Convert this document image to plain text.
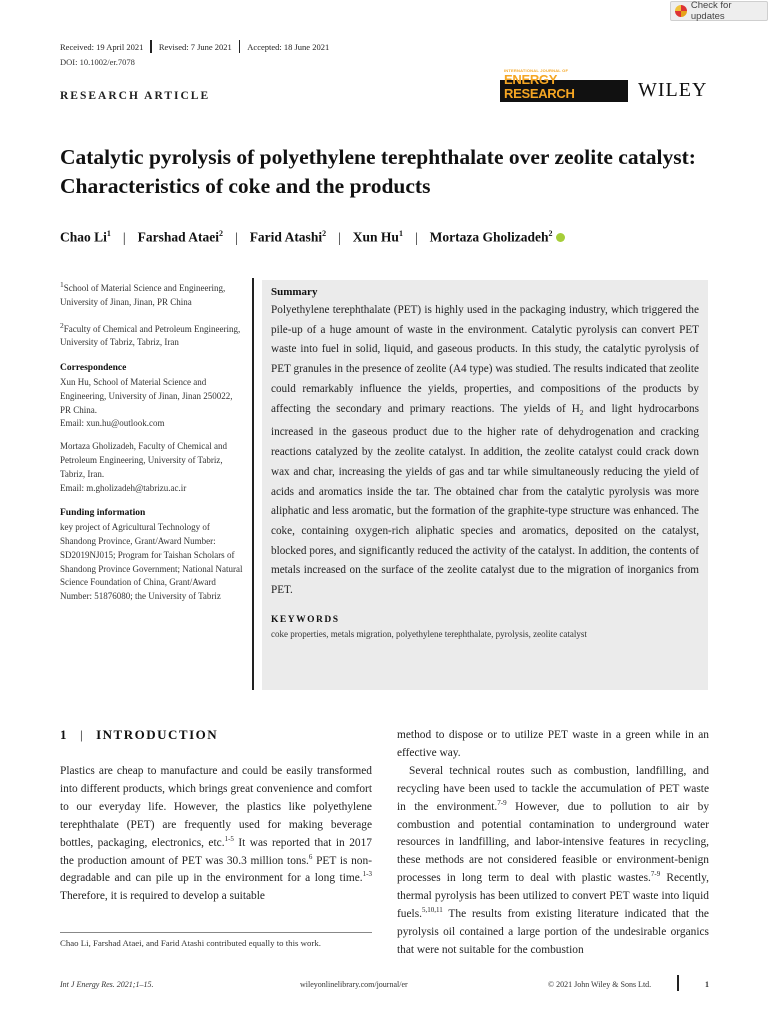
Check for updates
Received: 19 April 2021 Revised: 7 June 2021 Accepted: 18 June 2021
DOI: 10.1002/er.7078
RESEARCH ARTICLE
INTERNATIONAL JOURNAL OF
ENERGY RESEARCH	WILEY
Catalytic pyrolysis of polyethylene terephthalate over zeolite catalyst: Characteristics of coke and the products
Chao Li$^1$ | Farshad Ataei$^2$ | Farid Atashi$^2$ | Xun Hu$^1$ | Mortaza Gholizadeh$^2$

$^1$School of Material Science and Engineering, University of Jinan, Jinan, PR China

$^2$Faculty of Chemical and Petroleum Engineering, University of Tabriz, Tabriz, Iran

Correspondence

Xun Hu, School of Material Science and Engineering, University of Jinan, Jinan 250022, PR China.

Email: xun.hu@outlook.com

Mortaza Gholizadeh, Faculty of Chemical and Petroleum Engineering, University of Tabriz, Tabriz, Iran.

Email: m.gholizadeh@tabrizu.ac.ir

Funding information

key project of Agricultural Technology of Shandong Province, Grant/Award Number: SD2019NJ015; Program for Taishan Scholars of Shandong Province Government; National Natural Science Foundation of China, Grant/Award Number: 51876080; the University of Tabriz

Summary

Polyethylene terephthalate (PET) is highly used in the packaging industry, which triggered the pile-up of a huge amount of waste in the environment. Catalytic pyrolysis can convert PET waste into fuel in solid, liquid, and gaseous products. In this study, the catalytic pyrolysis of PET granules in the presence of zeolite (A4 type) was studied. The results indicated that zeolite could remarkably influence the yields, properties, and compositions of the products by affecting the secondary and primary reactions. The yields of $H_2$ and light hydrocarbons increased in the gaseous product due to the higher rate of dehydrogenation and cracking reactions catalyzed by the zeolite catalyst. In addition, the zeolite catalyst could crack down wax and char, increasing the yields of gas and tar while simultaneously reducing the yield of acids and aromatics inside the tar. The obtained char from the catalytic pyrolysis was more aliphatic and less aromatic, but the formation of the graphite-type structure was enhanced. The coke, containing oxygen-rich aliphatic species and aromatics, deposited on the catalyst, blocked pores, and significantly reduced the activity of the catalyst. In addition, the contents of metals increased on the surface of the zeolite catalyst due to the migration of inorganics from PET.

KEYWORDS
coke properties, metals migration, polyethylene terephthalate, pyrolysis, zeolite catalyst
1 | INTRODUCTION

Plastics are cheap to manufacture and could be easily transformed into different products, which brings great convenience and comfort to our everyday life. However, the plastics like polyethylene terephthalate (PET) are frequently used for making beverage bottles, packaging, electronics, etc.$^{1-5}$ It was reported that in 2017 the production amount of PET was 30.3 million tons.$^6$ PET is non-degradable and can pile up in the environment for a long time.$^{1-3}$ Therefore, it is required to develop a suitable

method to dispose or to utilize PET waste in a green while in an effective way.

Several technical routes such as combustion, landfilling, and recycling have been used to tackle the accumulation of PET waste in the environment.$^{7-9}$ However, due to pollution to air by combustion and potential contamination to underground water resources in landfilling, and labor-intensive features in recycling, these methods are not considered feasible or environment-benign processes in long term to deal with plastic wastes.$^{7-9}$ Recently, thermal pyrolysis has been utilized to convert PET waste into liquid fuels.$^{5,10,11}$ The results from existing literature indicated that the pyrolysis oil contained a large portion of the undesirable organics that were not suitable for the combustion

Chao Li, Farshad Ataei, and Farid Atashi contributed equally to this work.
Int J Energy Res. 2021;1–15.	wileyonlinelibrary.com/journal/er	© 2021 John Wiley & Sons Ltd.	1
